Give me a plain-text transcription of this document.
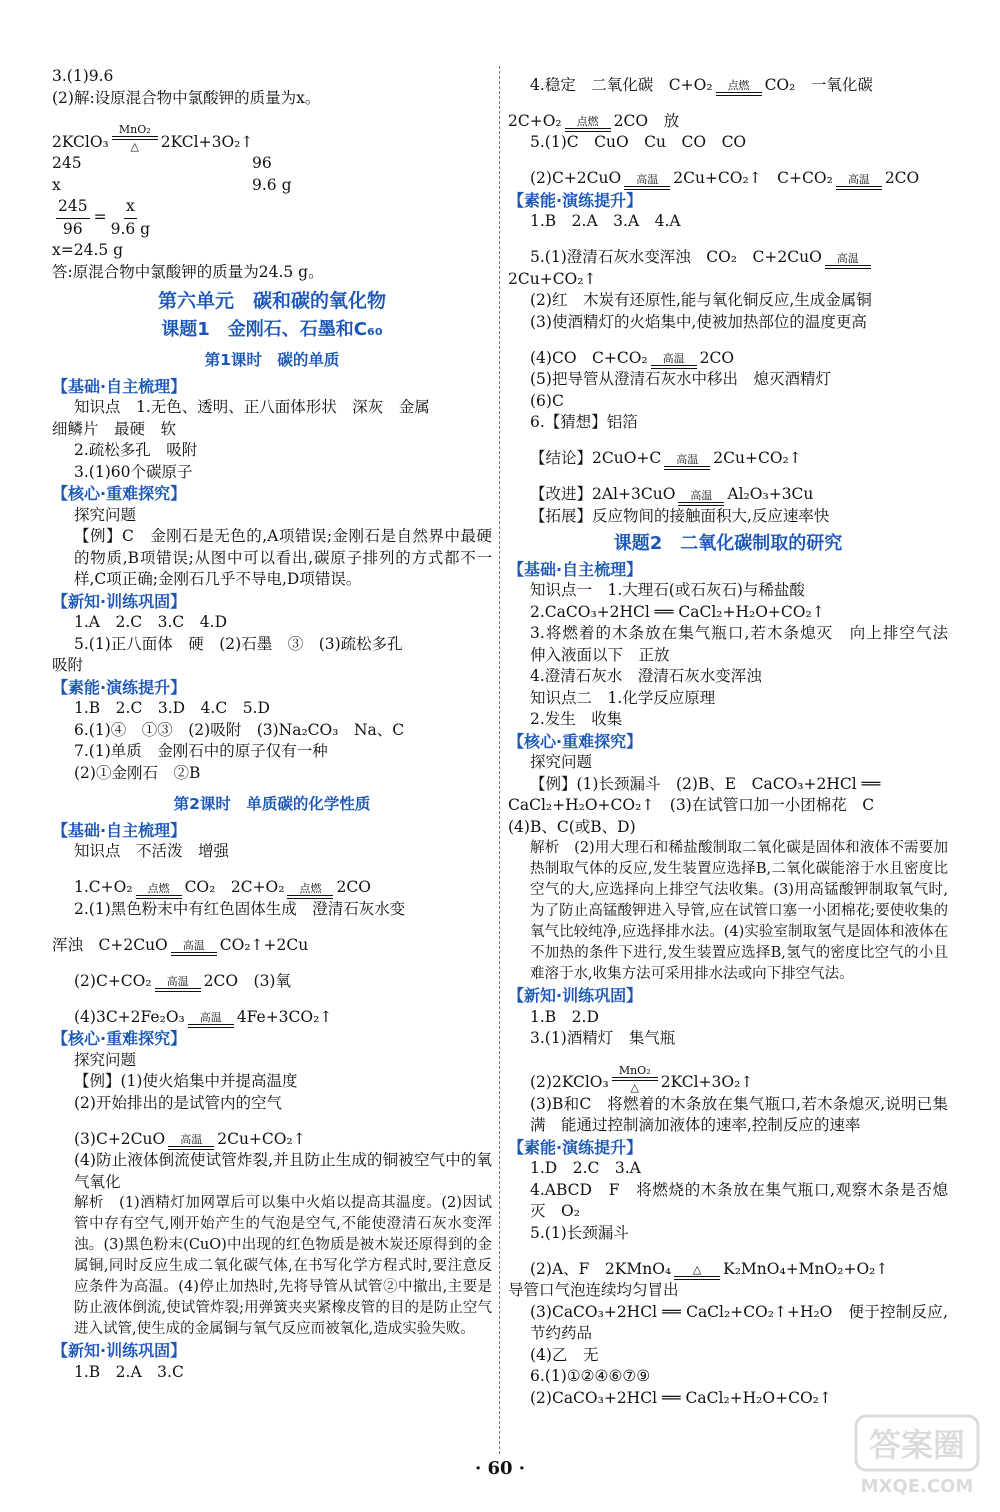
3.(1)9.6
(2)解:设原混合物中氯酸钾的质量为x。
2KClO₃
MnO₂
△ 2KCl+3O₂↑
245	96
x	9.6 g
$\frac{245}{96} = \frac{x}{9.6 g}$
x=24.5 g
答:原混合物中氯酸钾的质量为24.5 g。
第六单元　碳和碳的氧化物
课题1　金刚石、石墨和C₆₀
第1课时　碳的单质
【基础·自主梳理】
知识点　1.无色、透明、正八面体形状　深灰　金属
细鳞片　最硬　软
2.疏松多孔　吸附
3.(1)60个碳原子
【核心·重难探究】
探究问题
【例】C　金刚石是无色的,A项错误;金刚石是自然界中最硬的物质,B项错误;从图中可以看出,碳原子排列的方式都不一样,C项正确;金刚石几乎不导电,D项错误。
【新知·训练巩固】
1.A　2.C　3.C　4.D
5.(1)正八面体　硬　(2)石墨　③　(3)疏松多孔
吸附
【素能·演练提升】
1.B　2.C　3.D　4.C　5.D
6.(1)④　①③　(2)吸附　(3)Na₂CO₃　Na、C
7.(1)单质　金刚石中的原子仅有一种
(2)①金刚石　②B
第2课时　单质碳的化学性质
【基础·自主梳理】
知识点　不活泼　增强
1.C+O₂ 点燃 CO₂　2C+O₂ 点燃 2CO
2.(1)黑色粉末中有红色固体生成　澄清石灰水变
浑浊　C+2CuO 高温 CO₂↑+2Cu
(2)C+CO₂ 高温 2CO　(3)氧
(4)3C+2Fe₂O₃ 高温 4Fe+3CO₂↑
【核心·重难探究】
探究问题
【例】(1)使火焰集中并提高温度
(2)开始排出的是试管内的空气
(3)C+2CuO 高温 2Cu+CO₂↑
(4)防止液体倒流使试管炸裂,并且防止生成的铜被空气中的氧气氧化
解析　(1)酒精灯加网罩后可以集中火焰以提高其温度。(2)因试管中存有空气,刚开始产生的气泡是空气,不能使澄清石灰水变浑浊。(3)黑色粉末(CuO)中出现的红色物质是被木炭还原得到的金属铜,同时反应生成二氧化碳气体,在书写化学方程式时,要注意反应条件为高温。(4)停止加热时,先将导管从试管②中撤出,主要是防止液体倒流,使试管炸裂;用弹簧夹夹紧橡皮管的目的是防止空气进入试管,使生成的金属铜与氧气反应而被氧化,造成实验失败。
【新知·训练巩固】
1.B　2.A　3.C
4.稳定　二氧化碳　C+O₂ 点燃 CO₂　一氧化碳
2C+O₂ 点燃 2CO　放
5.(1)C　CuO　Cu　CO　CO
(2)C+2CuO 高温 2Cu+CO₂↑　C+CO₂ 高温 2CO
【素能·演练提升】
1.B　2.A　3.A　4.A
5.(1)澄清石灰水变浑浊　CO₂　C+2CuO 高温
2Cu+CO₂↑
(2)红　木炭有还原性,能与氧化铜反应,生成金属铜
(3)使酒精灯的火焰集中,使被加热部位的温度更高
(4)CO　C+CO₂ 高温 2CO
(5)把导管从澄清石灰水中移出　熄灭酒精灯
(6)C
6.【猜想】铝箔
【结论】2CuO+C 高温 2Cu+CO₂↑
【改进】2Al+3CuO 高温 Al₂O₃+3Cu
【拓展】反应物间的接触面积大,反应速率快
课题2　二氧化碳制取的研究
【基础·自主梳理】
知识点一　1.大理石(或石灰石)与稀盐酸
2.CaCO₃+2HCl ══ CaCl₂+H₂O+CO₂↑
3.将燃着的木条放在集气瓶口,若木条熄灭　向上排空气法　伸入液面以下　正放
4.澄清石灰水　澄清石灰水变浑浊
知识点二　1.化学反应原理
2.发生　收集
【核心·重难探究】
探究问题
【例】(1)长颈漏斗　(2)B、E　CaCO₃+2HCl ══
CaCl₂+H₂O+CO₂↑　(3)在试管口加一小团棉花　C
(4)B、C(或B、D)
解析　(2)用大理石和稀盐酸制取二氧化碳是固体和液体不需要加热制取气体的反应,发生装置应选择B,二氧化碳能溶于水且密度比空气的大,应选择向上排空气法收集。(3)用高锰酸钾制取氧气时,为了防止高锰酸钾进入导管,应在试管口塞一小团棉花;要使收集的氧气比较纯净,应选择排水法。(4)实验室制取氢气是固体和液体在不加热的条件下进行,发生装置应选择B,氢气的密度比空气的小且难溶于水,收集方法可采用排水法或向下排空气法。
【新知·训练巩固】
1.B　2.D
3.(1)酒精灯　集气瓶
(2)2KClO₃
MnO₂
△ 2KCl+3O₂↑
(3)B和C　将燃着的木条放在集气瓶口,若木条熄灭,说明已集满　能通过控制滴加液体的速率,控制反应的速率
【素能·演练提升】
1.D　2.C　3.A
4.ABCD　F　将燃烧的木条放在集气瓶口,观察木条是否熄灭　O₂
5.(1)长颈漏斗
(2)A、F　2KMnO₄ △ K₂MnO₄+MnO₂+O₂↑
导管口气泡连续均匀冒出
(3)CaCO₃+2HCl ══ CaCl₂+CO₂↑+H₂O　便于控制反应,节约药品
(4)乙　无
6.(1)①②④⑥⑦⑨
(2)CaCO₃+2HCl ══ CaCl₂+H₂O+CO₂↑
· 60 ·
答案圈
MXQE.COM
